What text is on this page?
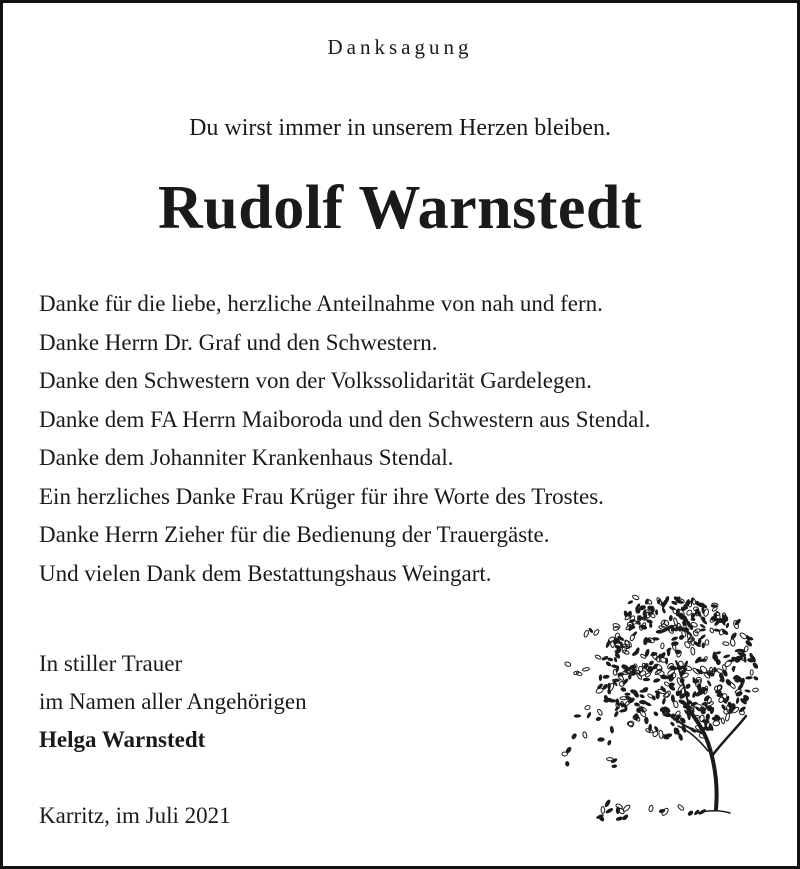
Danksagung
Du wirst immer in unserem Herzen bleiben.
Rudolf Warnstedt
Danke für die liebe, herzliche Anteilnahme von nah und fern.
Danke Herrn Dr. Graf und den Schwestern.
Danke den Schwestern von der Volkssolidarität Gardelegen.
Danke dem FA Herrn Maiboroda und den Schwestern aus Stendal.
Danke dem Johanniter Krankenhaus Stendal.
Ein herzliches Danke Frau Krüger für ihre Worte des Trostes.
Danke Herrn Zieher für die Bedienung der Trauergäste.
Und vielen Dank dem Bestattungshaus Weingart.
In stiller Trauer
im Namen aller Angehörigen
Helga Warnstedt
Karritz, im Juli 2021
